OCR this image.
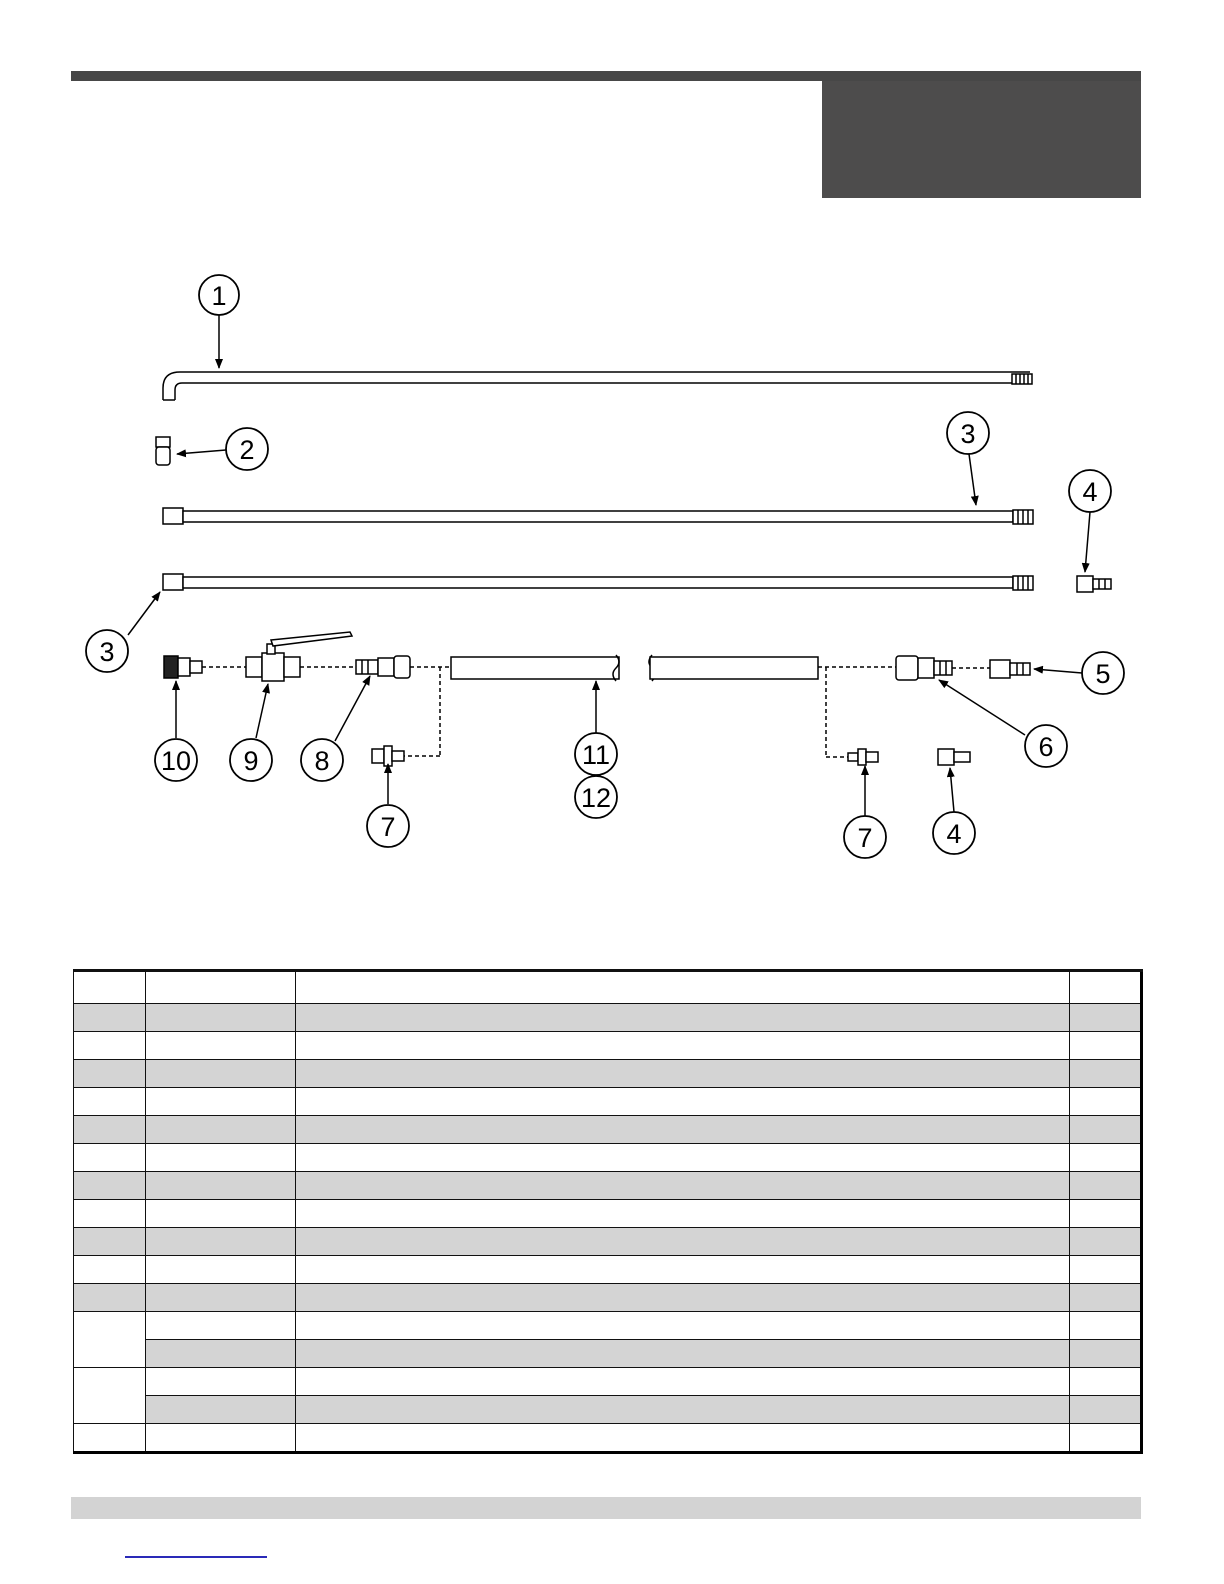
1
2
3
3
4
4
5
6
7	7
8
9
10	11
12
